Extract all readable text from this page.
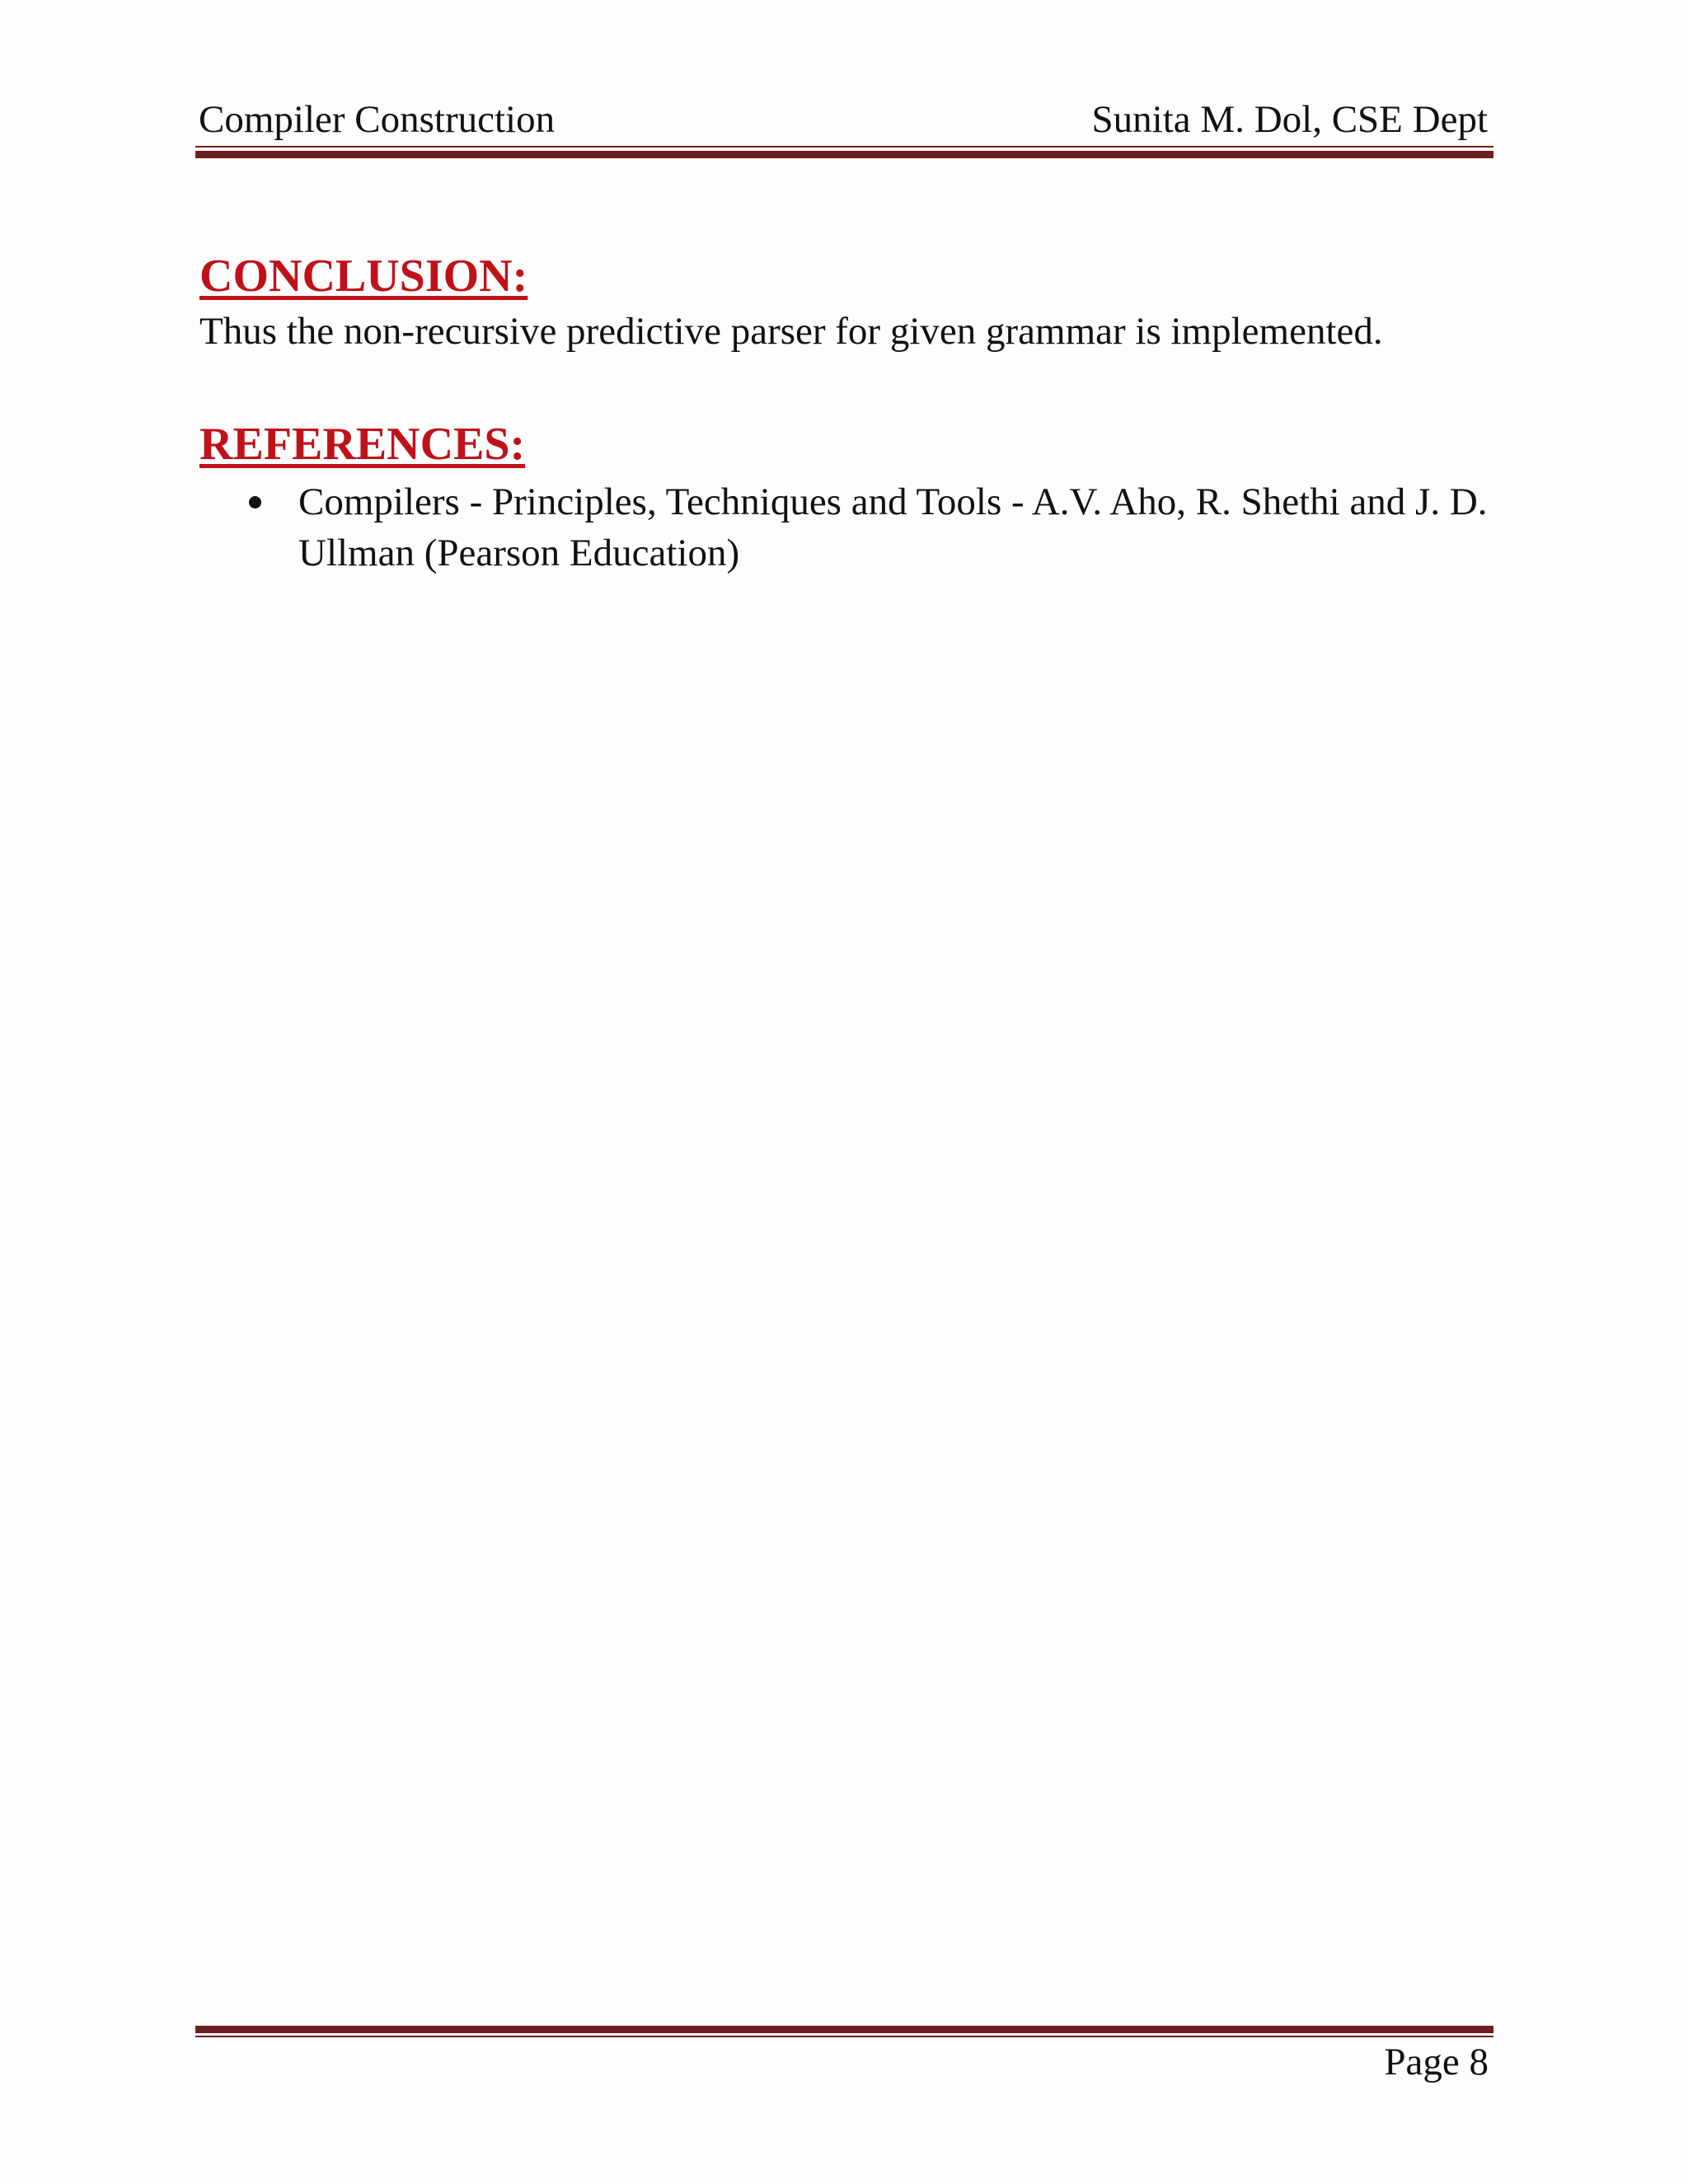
Compiler Construction	Sunita M. Dol, CSE Dept
CONCLUSION:

Thus the non-recursive predictive parser for given grammar is implemented.

REFERENCES:
Compilers - Principles, Techniques and Tools - A.V. Aho, R. Shethi and J. D. Ullman (Pearson Education)
Page 8
